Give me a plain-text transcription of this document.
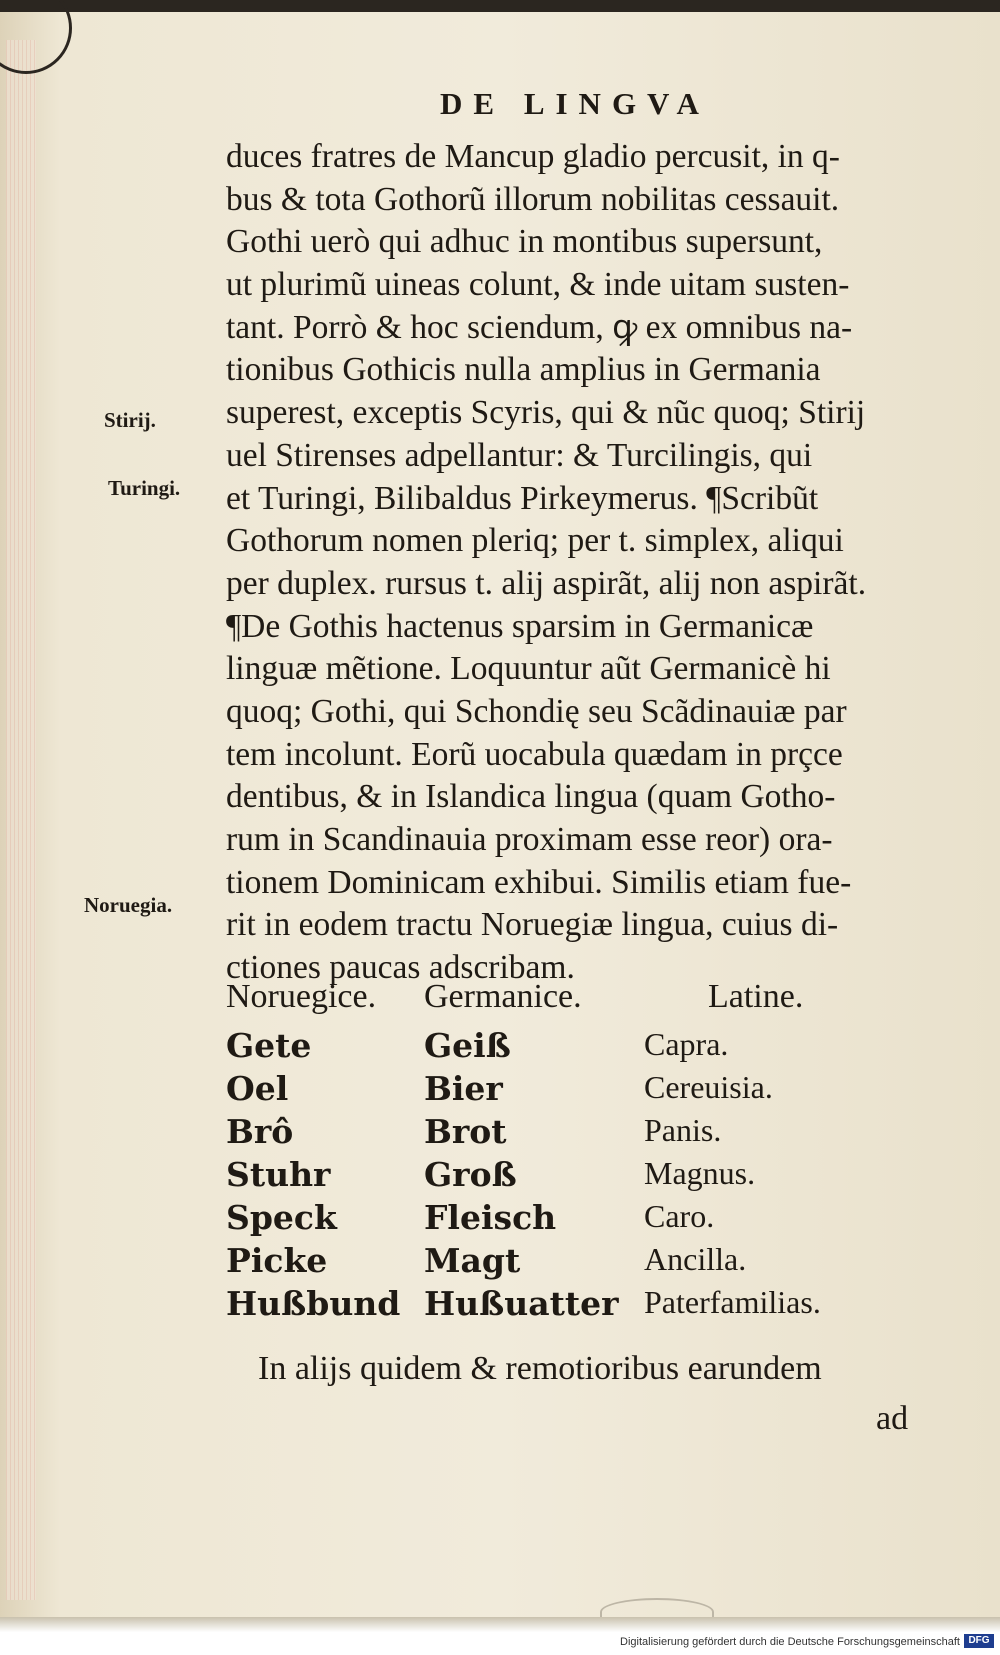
DE LINGVA
Stirij.
Turingi.
Noruegia.
duces fratres de Mancup gladio percusit, in q-
bus & tota Gothorũ illorum nobilitas cessauit.
Gothi uerò qui adhuc in montibus supersunt,
ut plurimũ uineas colunt, & inde uitam susten-
tant. Porrò & hoc sciendum, ꝙ ex omnibus na-
tionibus Gothicis nulla amplius in Germania
superest, exceptis Scyris, qui & nũc quoq; Stirij
uel Stirenses adpellantur: & Turcilingis, qui
et Turingi, Bilibaldus Pirkeymerus. ¶Scribũt
Gothorum nomen pleriq; per t. simplex, aliqui
per duplex. rursus t. alij aspirãt, alij non aspirãt.
¶De Gothis hactenus sparsim in Germanicæ
linguæ mẽtione. Loquuntur aũt Germanicè hi
quoq; Gothi, qui Schondię seu Scãdinauiæ par
tem incolunt. Eorũ uocabula quædam in prçce
dentibus, & in Islandica lingua (quam Gotho-
rum in Scandinauia proximam esse reor) ora-
tionem Dominicam exhibui. Similis etiam fue-
rit in eodem tractu Noruegiæ lingua, cuius di-
ctiones paucas adscribam.
Noruegice. Germanice.	Latine.
Gete	Geiß	Capra.
Oel	Bier	Cereuisia.
Brô	Brot	Panis.
Stuhr	Groß	Magnus.
Speck	Fleisch	Caro.
Picke	Magt	Ancilla.
Hußbund Hußuatter Paterfamilias.
In alijs quidem & remotioribus earundem
ad
Digitalisierung gefördert durch die Deutsche Forschungsgemeinschaft DFG
